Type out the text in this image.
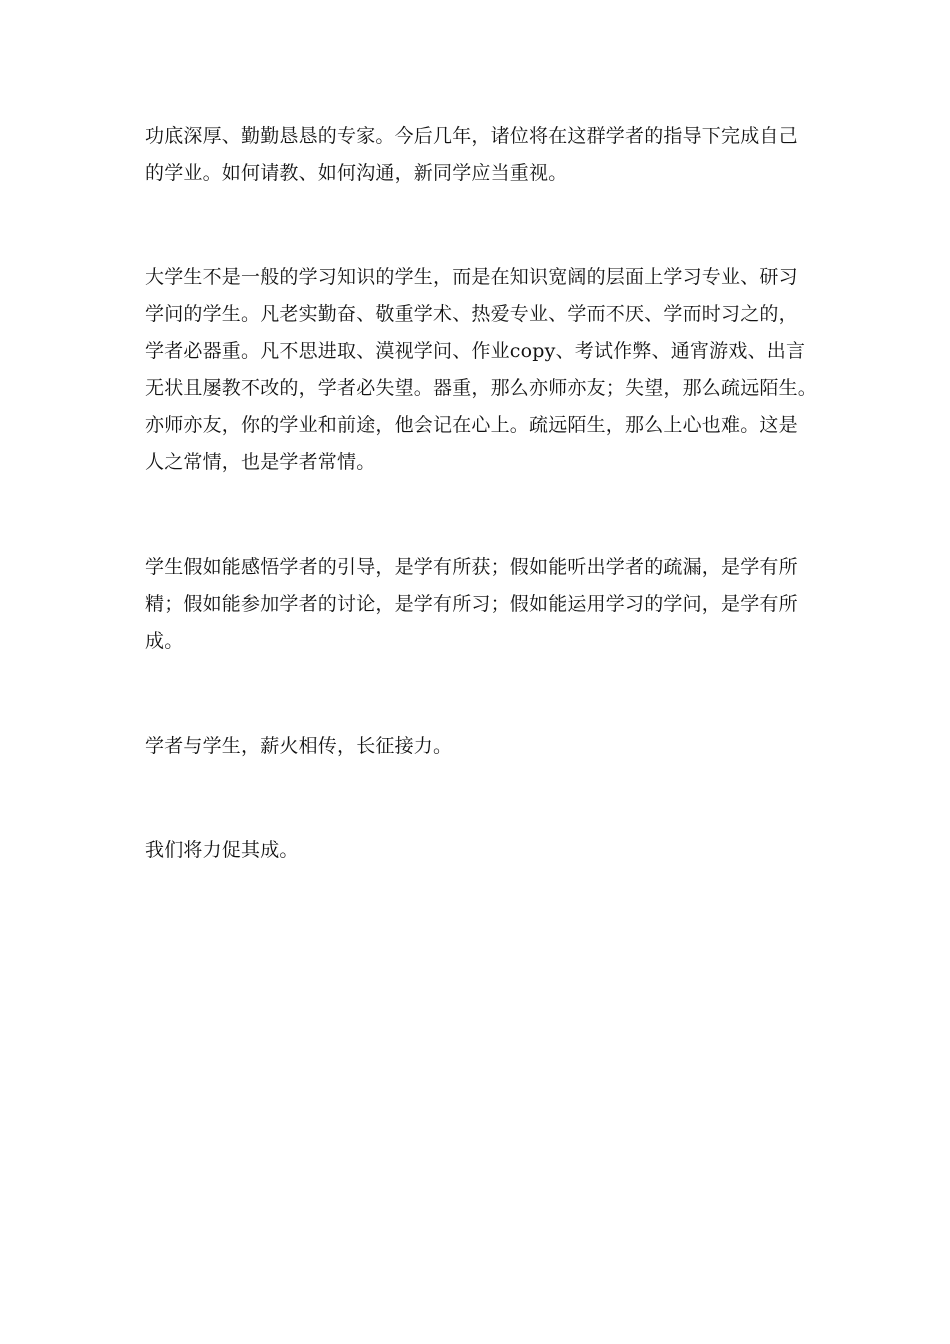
功底深厚、勤勤恳恳的专家。今后几年，诸位将在这群学者的指导下完成自己
的学业。如何请教、如何沟通，新同学应当重视。
大学生不是一般的学习知识的学生，而是在知识宽阔的层面上学习专业、研习
学问的学生。凡老实勤奋、敬重学术、热爱专业、学而不厌、学而时习之的，
学者必器重。凡不思进取、漠视学问、作业copy、考试作弊、通宵游戏、出言
无状且屡教不改的，学者必失望。器重，那么亦师亦友；失望，那么疏远陌生。
亦师亦友，你的学业和前途，他会记在心上。疏远陌生，那么上心也难。这是
人之常情，也是学者常情。
学生假如能感悟学者的引导，是学有所获；假如能听出学者的疏漏，是学有所
精；假如能参加学者的讨论，是学有所习；假如能运用学习的学问，是学有所
成。
学者与学生，薪火相传，长征接力。
我们将力促其成。
